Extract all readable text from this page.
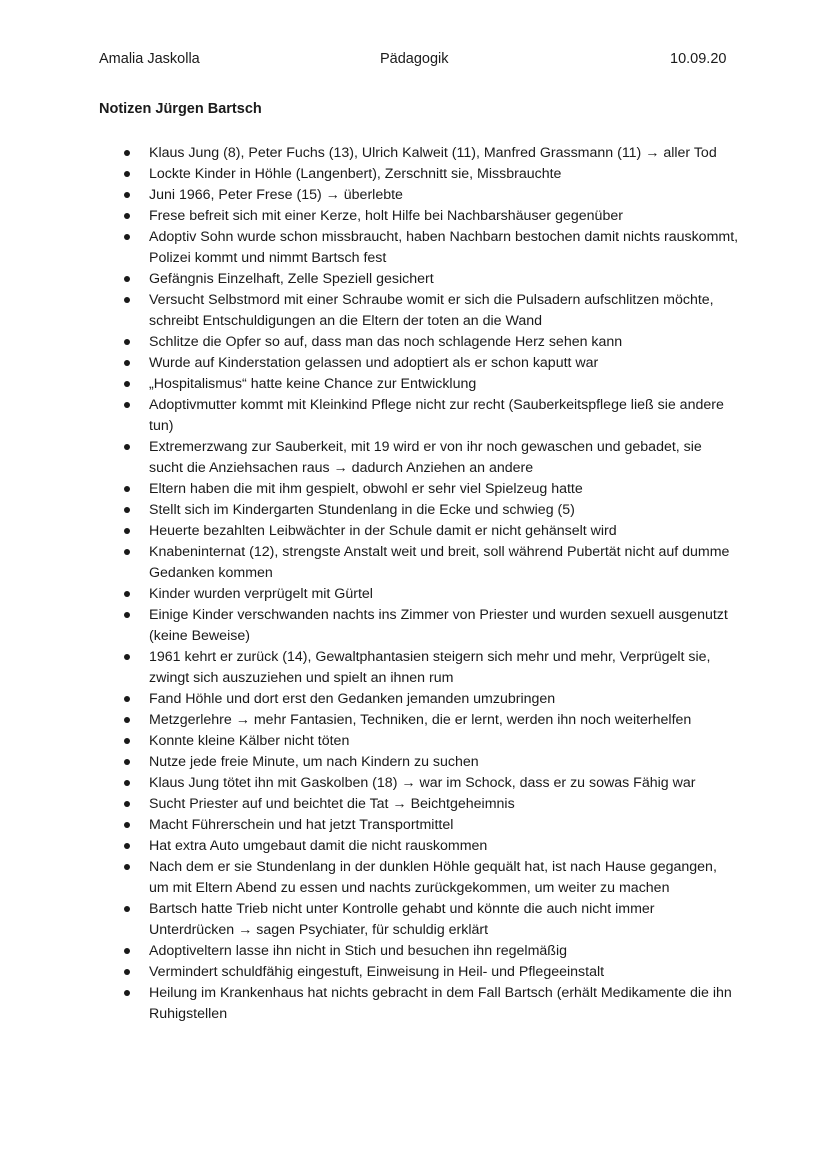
Amalia Jaskolla	Pädagogik	10.09.20
Notizen Jürgen Bartsch
Klaus Jung (8), Peter Fuchs (13), Ulrich Kalweit (11), Manfred Grassmann (11) → aller Tod
Lockte Kinder in Höhle (Langenbert), Zerschnitt sie, Missbrauchte
Juni 1966, Peter Frese (15) → überlebte
Frese befreit sich mit einer Kerze, holt Hilfe bei Nachbarshäuser gegenüber
Adoptiv Sohn wurde schon missbraucht, haben Nachbarn bestochen damit nichts rauskommt, Polizei kommt und nimmt Bartsch fest
Gefängnis Einzelhaft, Zelle Speziell gesichert
Versucht Selbstmord mit einer Schraube womit er sich die Pulsadern aufschlitzen möchte, schreibt Entschuldigungen an die Eltern der toten an die Wand
Schlitze die Opfer so auf, dass man das noch schlagende Herz sehen kann
Wurde auf Kinderstation gelassen und adoptiert als er schon kaputt war
„Hospitalismus“ hatte keine Chance zur Entwicklung
Adoptivmutter kommt mit Kleinkind Pflege nicht zur recht (Sauberkeitspflege ließ sie andere tun)
Extremerzwang zur Sauberkeit, mit 19 wird er von ihr noch gewaschen und gebadet, sie sucht die Anziehsachen raus → dadurch Anziehen an andere
Eltern haben die mit ihm gespielt, obwohl er sehr viel Spielzeug hatte
Stellt sich im Kindergarten Stundenlang in die Ecke und schwieg (5)
Heuerte bezahlten Leibwächter in der Schule damit er nicht gehänselt wird
Knabeninternat (12), strengste Anstalt weit und breit, soll während Pubertät nicht auf dumme Gedanken kommen
Kinder wurden verprügelt mit Gürtel
Einige Kinder verschwanden nachts ins Zimmer von Priester und wurden sexuell ausgenutzt (keine Beweise)
1961 kehrt er zurück (14), Gewaltphantasien steigern sich mehr und mehr, Verprügelt sie, zwingt sich auszuziehen und spielt an ihnen rum
Fand Höhle und dort erst den Gedanken jemanden umzubringen
Metzgerlehre → mehr Fantasien, Techniken, die er lernt, werden ihn noch weiterhelfen
Konnte kleine Kälber nicht töten
Nutze jede freie Minute, um nach Kindern zu suchen
Klaus Jung tötet ihn mit Gaskolben (18) → war im Schock, dass er zu sowas Fähig war
Sucht Priester auf und beichtet die Tat → Beichtgeheimnis
Macht Führerschein und hat jetzt Transportmittel
Hat extra Auto umgebaut damit die nicht rauskommen
Nach dem er sie Stundenlang in der dunklen Höhle gequält hat, ist nach Hause gegangen, um mit Eltern Abend zu essen und nachts zurückgekommen, um weiter zu machen
Bartsch hatte Trieb nicht unter Kontrolle gehabt und könnte die auch nicht immer Unterdrücken → sagen Psychiater, für schuldig erklärt
Adoptiveltern lasse ihn nicht in Stich und besuchen ihn regelmäßig
Vermindert schuldfähig eingestuft, Einweisung in Heil- und Pflegeeinstalt
Heilung im Krankenhaus hat nichts gebracht in dem Fall Bartsch (erhält Medikamente die ihn Ruhigstellen
